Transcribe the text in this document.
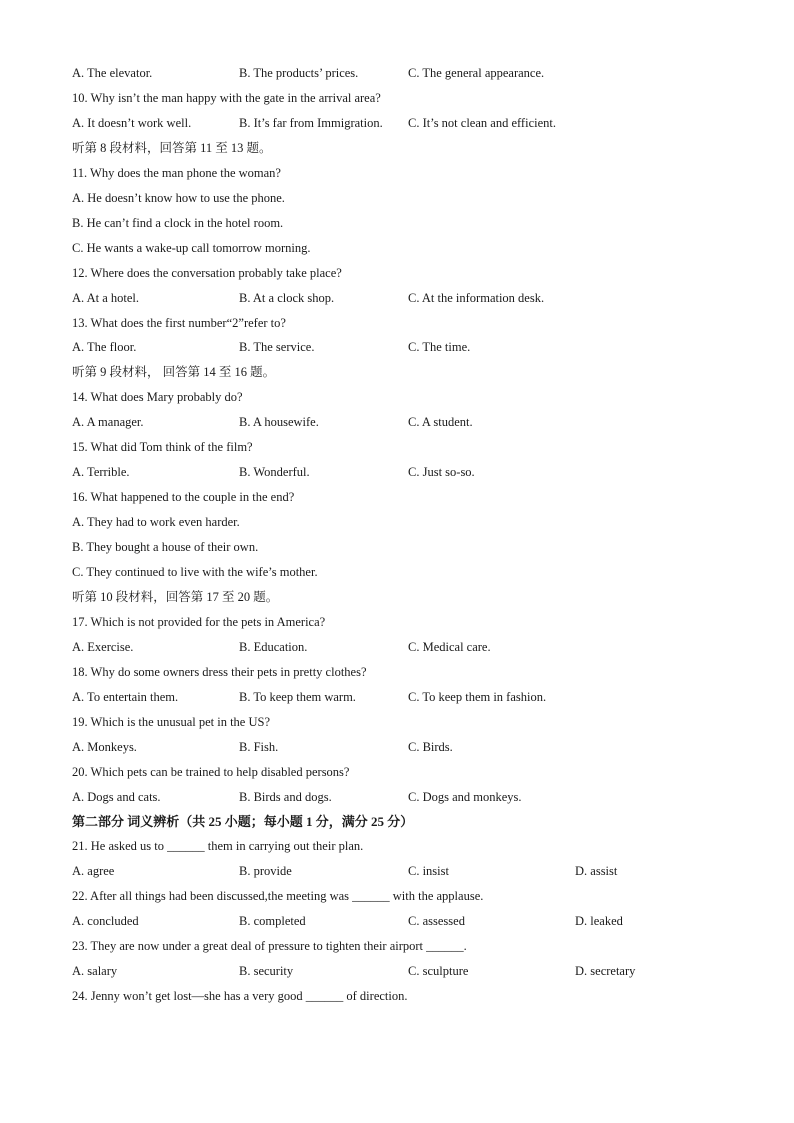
A. The elevator.	B. The products’ prices.	C. The general appearance.
10. Why isn’t the man happy with the gate in the arrival area?
A. It doesn’t work well.	B. It’s far from Immigration. C. It’s not clean and efficient.
听第 8 段材料，回答第 11 至 13 题。
11. Why does the man phone the woman?
A. He doesn’t know how to use the phone.
B. He can’t find a clock in the hotel room.
C. He wants a wake-up call tomorrow morning.
12. Where does the conversation probably take place?
A. At a hotel.	B. At a clock shop.	C. At the information desk.
13. What does the first number“2”refer to?
A. The floor.	B. The service.	C. The time.
听第 9 段材料， 回答第 14 至 16 题。
14. What does Mary probably do?
A. A manager.	B. A housewife.	C. A student.
15. What did Tom think of the film?
A. Terrible.	B. Wonderful.	C. Just so-so.
16. What happened to the couple in the end?
A. They had to work even harder.
B. They bought a house of their own.
C. They continued to live with the wife’s mother.
听第 10 段材料，回答第 17 至 20 题。
17. Which is not provided for the pets in America?
A. Exercise.	B. Education.	C. Medical care.
18. Why do some owners dress their pets in pretty clothes?
A. To entertain them.	B. To keep them warm.	C. To keep them in fashion.
19. Which is the unusual pet in the US?
A. Monkeys.	B. Fish.	C. Birds.
20. Which pets can be trained to help disabled persons?
A. Dogs and cats.	B. Birds and dogs.	C. Dogs and monkeys.
第二部分 词义辨析（共 25 小题；每小题 1 分，满分 25 分）
21. He asked us to ______ them in carrying out their plan.
A. agree	B. provide	C. insist	D. assist
22. After all things had been discussed,the meeting was ______ with the applause.
A. concluded	B. completed	C. assessed	D. leaked
23. They are now under a great deal of pressure to tighten their airport ______.
A. salary	B. security	C. sculpture	D. secretary
24. Jenny won’t get lost—she has a very good ______ of direction.
